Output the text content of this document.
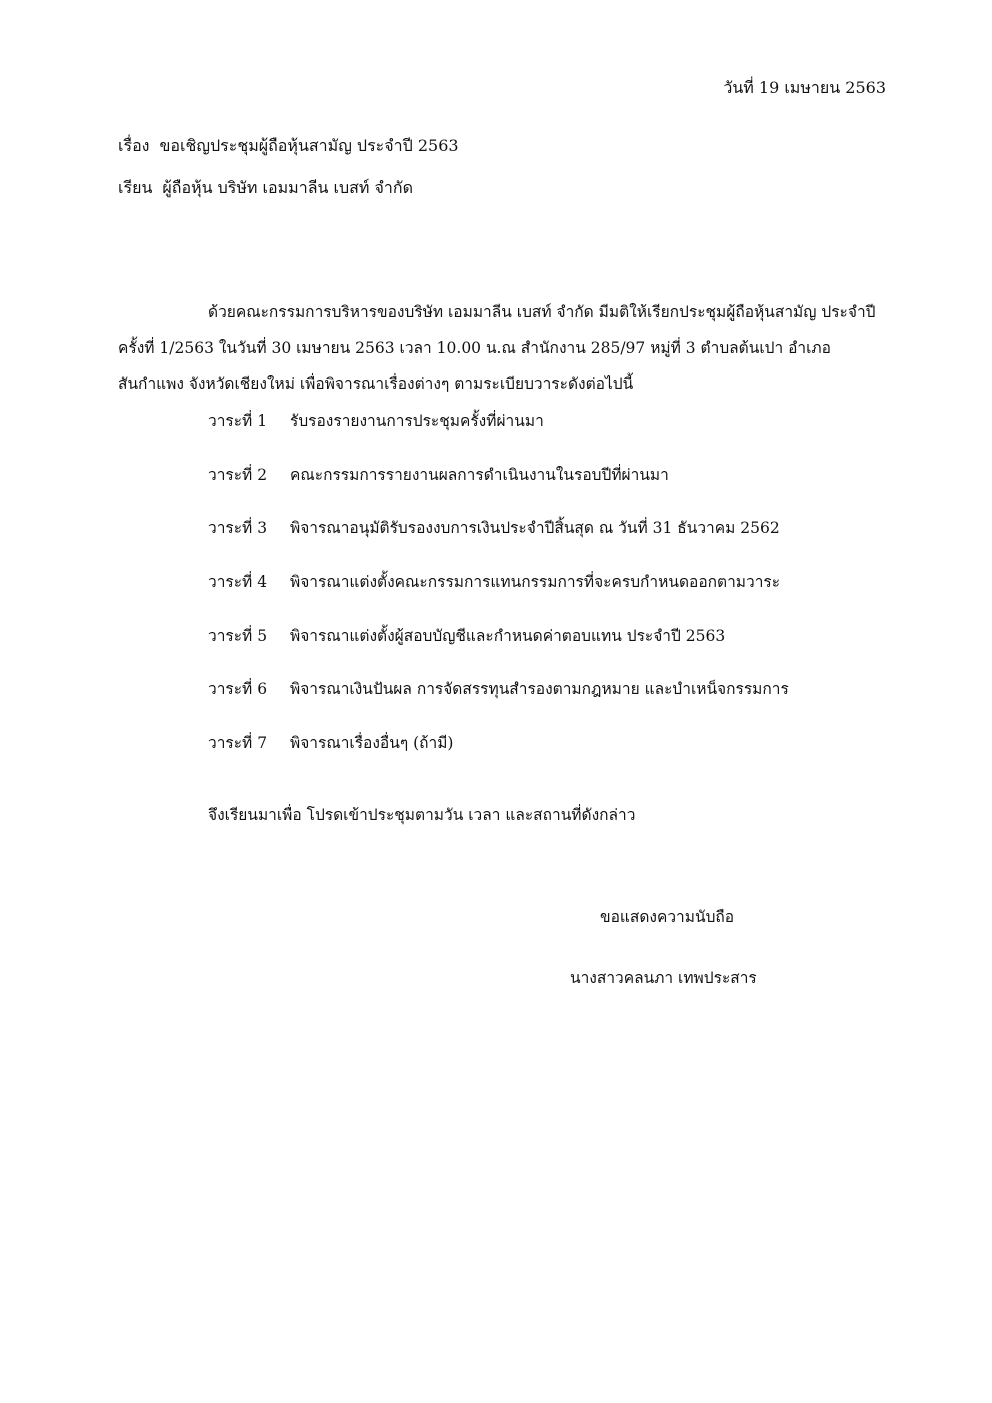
วันที่ 19 เมษายน 2563
เรื่อง ขอเชิญประชุมผู้ถือหุ้นสามัญ ประจำปี 2563
เรียน ผู้ถือหุ้น บริษัท เอมมาลีน เบสท์ จำกัด
ด้วยคณะกรรมการบริหารของบริษัท เอมมาลีน เบสท์ จำกัด มีมติให้เรียกประชุมผู้ถือหุ้นสามัญ ประจำปี ครั้งที่ 1/2563 ในวันที่ 30 เมษายน 2563 เวลา 10.00 น.ณ สำนักงาน 285/97 หมู่ที่ 3 ตำบลต้นเปา อำเภอสันกำแพง จังหวัดเชียงใหม่ เพื่อพิจารณาเรื่องต่างๆ ตามระเบียบวาระดังต่อไปนี้
วาระที่ 1 รับรองรายงานการประชุมครั้งที่ผ่านมา
วาระที่ 2 คณะกรรมการรายงานผลการดำเนินงานในรอบปีที่ผ่านมา
วาระที่ 3 พิจารณาอนุมัติรับรองงบการเงินประจำปีสิ้นสุด ณ วันที่ 31 ธันวาคม 2562
วาระที่ 4 พิจารณาแต่งตั้งคณะกรรมการแทนกรรมการที่จะครบกำหนดออกตามวาระ
วาระที่ 5 พิจารณาแต่งตั้งผู้สอบบัญชีและกำหนดค่าตอบแทน ประจำปี 2563
วาระที่ 6 พิจารณาเงินปันผล การจัดสรรทุนสำรองตามกฎหมาย และบำเหน็จกรรมการ
วาระที่ 7 พิจารณาเรื่องอื่นๆ (ถ้ามี)
จึงเรียนมาเพื่อ โปรดเข้าประชุมตามวัน เวลา และสถานที่ดังกล่าว
ขอแสดงความนับถือ
นางสาวคลนภา เทพประสาร
